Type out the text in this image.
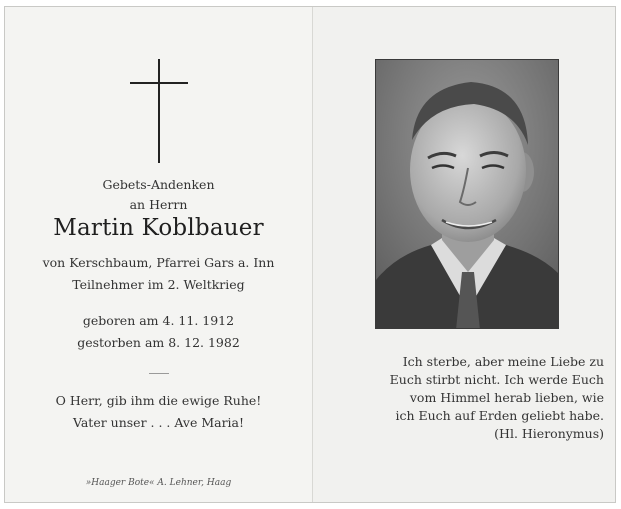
Gebets-Andenken
an Herrn
Martin Koblbauer
von Kerschbaum, Pfarrei Gars a. Inn
Teilnehmer im 2. Weltkrieg
geboren am 4. 11. 1912
gestorben am 8. 12. 1982
O Herr, gib ihm die ewige Ruhe!
Vater unser . . . Ave Maria!
»Haager Bote« A. Lehner, Haag
Ich sterbe, aber meine Liebe zu
Euch stirbt nicht. Ich werde Euch
vom Himmel herab lieben, wie
ich Euch auf Erden geliebt habe.
(Hl. Hieronymus)
